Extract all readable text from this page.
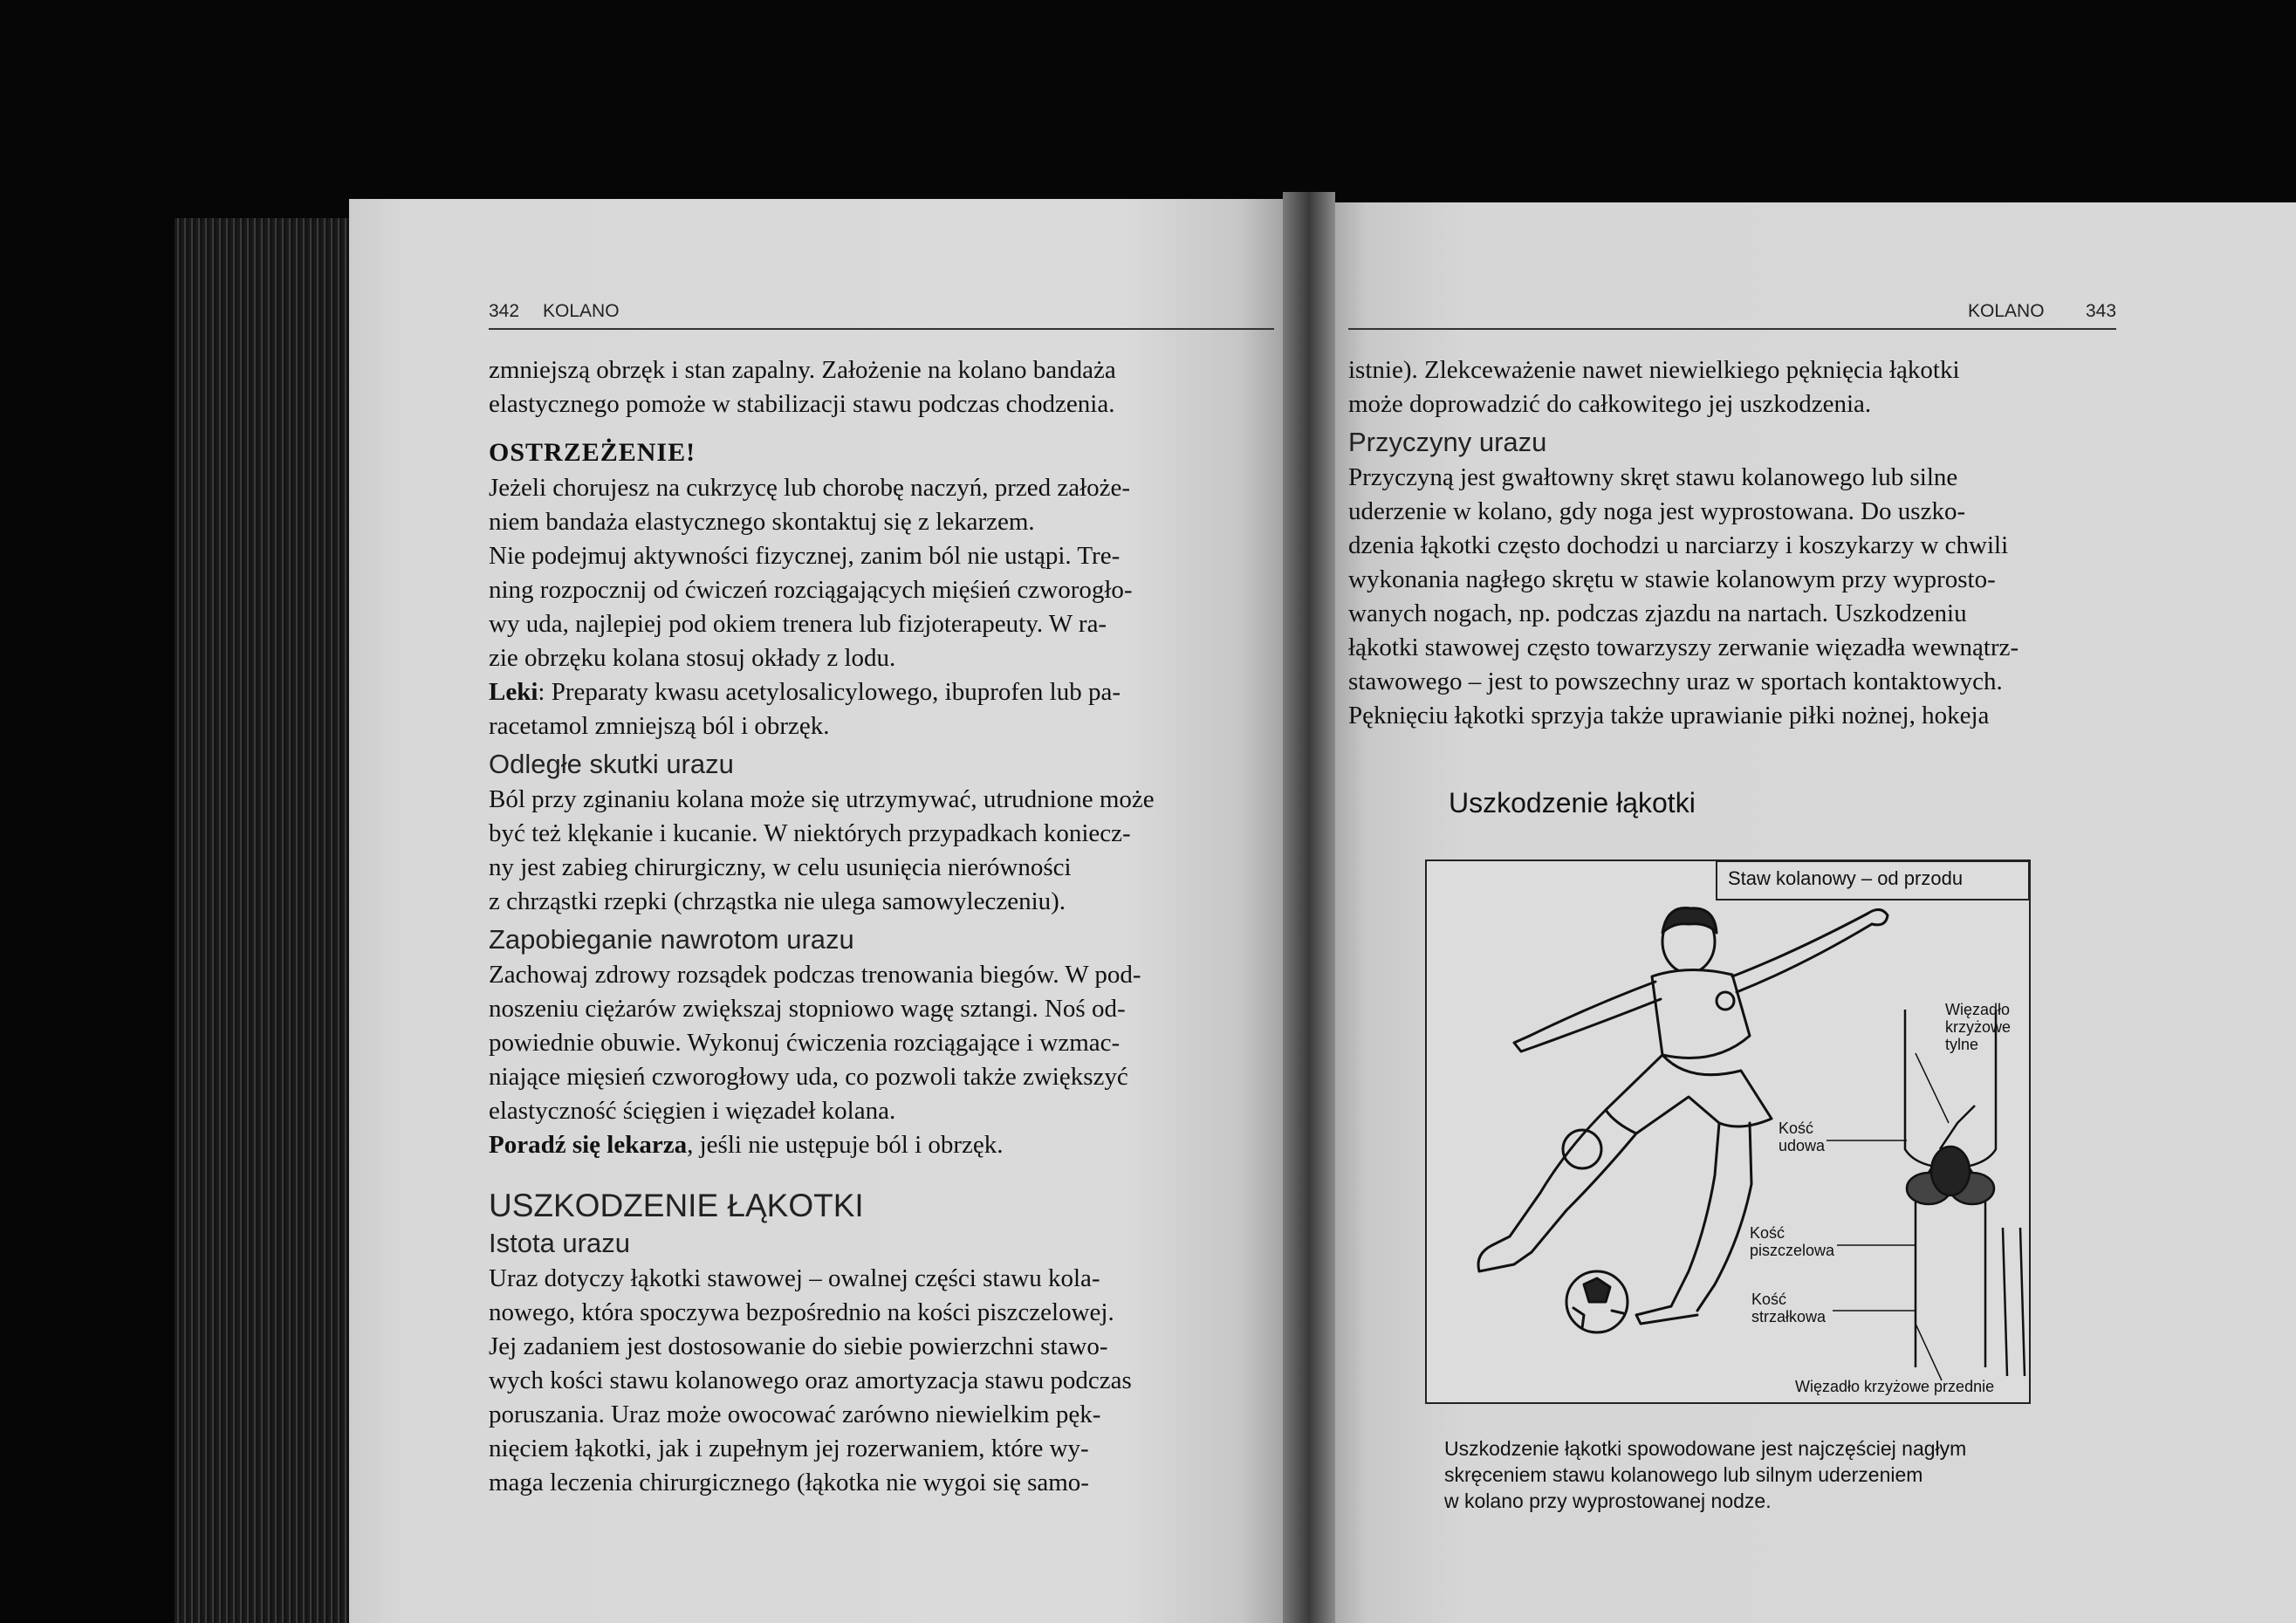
342 KOLANO

zmniejszą obrzęk i stan zapalny. Założenie na kolano bandaża

elastycznego pomoże w stabilizacji stawu podczas chodzenia.

OSTRZEŻENIE!

Jeżeli chorujesz na cukrzycę lub chorobę naczyń, przed założe-

niem bandaża elastycznego skontaktuj się z lekarzem.

Nie podejmuj aktywności fizycznej, zanim ból nie ustąpi. Tre-

ning rozpocznij od ćwiczeń rozciągających mięśień czworogło-

wy uda, najlepiej pod okiem trenera lub fizjoterapeuty. W ra-

zie obrzęku kolana stosuj okłady z lodu.

Leki: Preparaty kwasu acetylosalicylowego, ibuprofen lub pa-

racetamol zmniejszą ból i obrzęk.

Odległe skutki urazu

Ból przy zginaniu kolana może się utrzymywać, utrudnione może

być też klękanie i kucanie. W niektórych przypadkach koniecz-

ny jest zabieg chirurgiczny, w celu usunięcia nierówności

z chrząstki rzepki (chrząstka nie ulega samowyleczeniu).

Zapobieganie nawrotom urazu

Zachowaj zdrowy rozsądek podczas trenowania biegów. W pod-

noszeniu ciężarów zwiększaj stopniowo wagę sztangi. Noś od-

powiednie obuwie. Wykonuj ćwiczenia rozciągające i wzmac-

niające mięsień czworogłowy uda, co pozwoli także zwiększyć

elastyczność ścięgien i więzadeł kolana.

Poradź się lekarza, jeśli nie ustępuje ból i obrzęk.

USZKODZENIE ŁĄKOTKI
Istota urazu

Uraz dotyczy łąkotki stawowej – owalnej części stawu kola-

nowego, która spoczywa bezpośrednio na kości piszczelowej.

Jej zadaniem jest dostosowanie do siebie powierzchni stawo-

wych kości stawu kolanowego oraz amortyzacja stawu podczas

poruszania. Uraz może owocować zarówno niewielkim pęk-

nięciem łąkotki, jak i zupełnym jej rozerwaniem, które wy-

maga leczenia chirurgicznego (łąkotka nie wygoi się samo-

KOLANO 343

istnie). Zlekceważenie nawet niewielkiego pęknięcia łąkotki

może doprowadzić do całkowitego jej uszkodzenia.

Przyczyny urazu

Przyczyną jest gwałtowny skręt stawu kolanowego lub silne

uderzenie w kolano, gdy noga jest wyprostowana. Do uszko-

dzenia łąkotki często dochodzi u narciarzy i koszykarzy w chwili

wykonania nagłego skrętu w stawie kolanowym przy wyprosto-

wanych nogach, np. podczas zjazdu na nartach. Uszkodzeniu

łąkotki stawowej często towarzyszy zerwanie więzadła wewnątrz-

stawowego – jest to powszechny uraz w sportach kontaktowych.

Pęknięciu łąkotki sprzyja także uprawianie piłki nożnej, hokeja

Uszkodzenie łąkotki
Staw kolanowy – od przodu
Więzadło
krzyżowe
tylne
Kość
udowa
Kość
piszczelowa
Kość
strzałkowa
Więzadło krzyżowe przednie

Uszkodzenie łąkotki spowodowane jest najczęściej nagłym

skręceniem stawu kolanowego lub silnym uderzeniem

w kolano przy wyprostowanej nodze.
